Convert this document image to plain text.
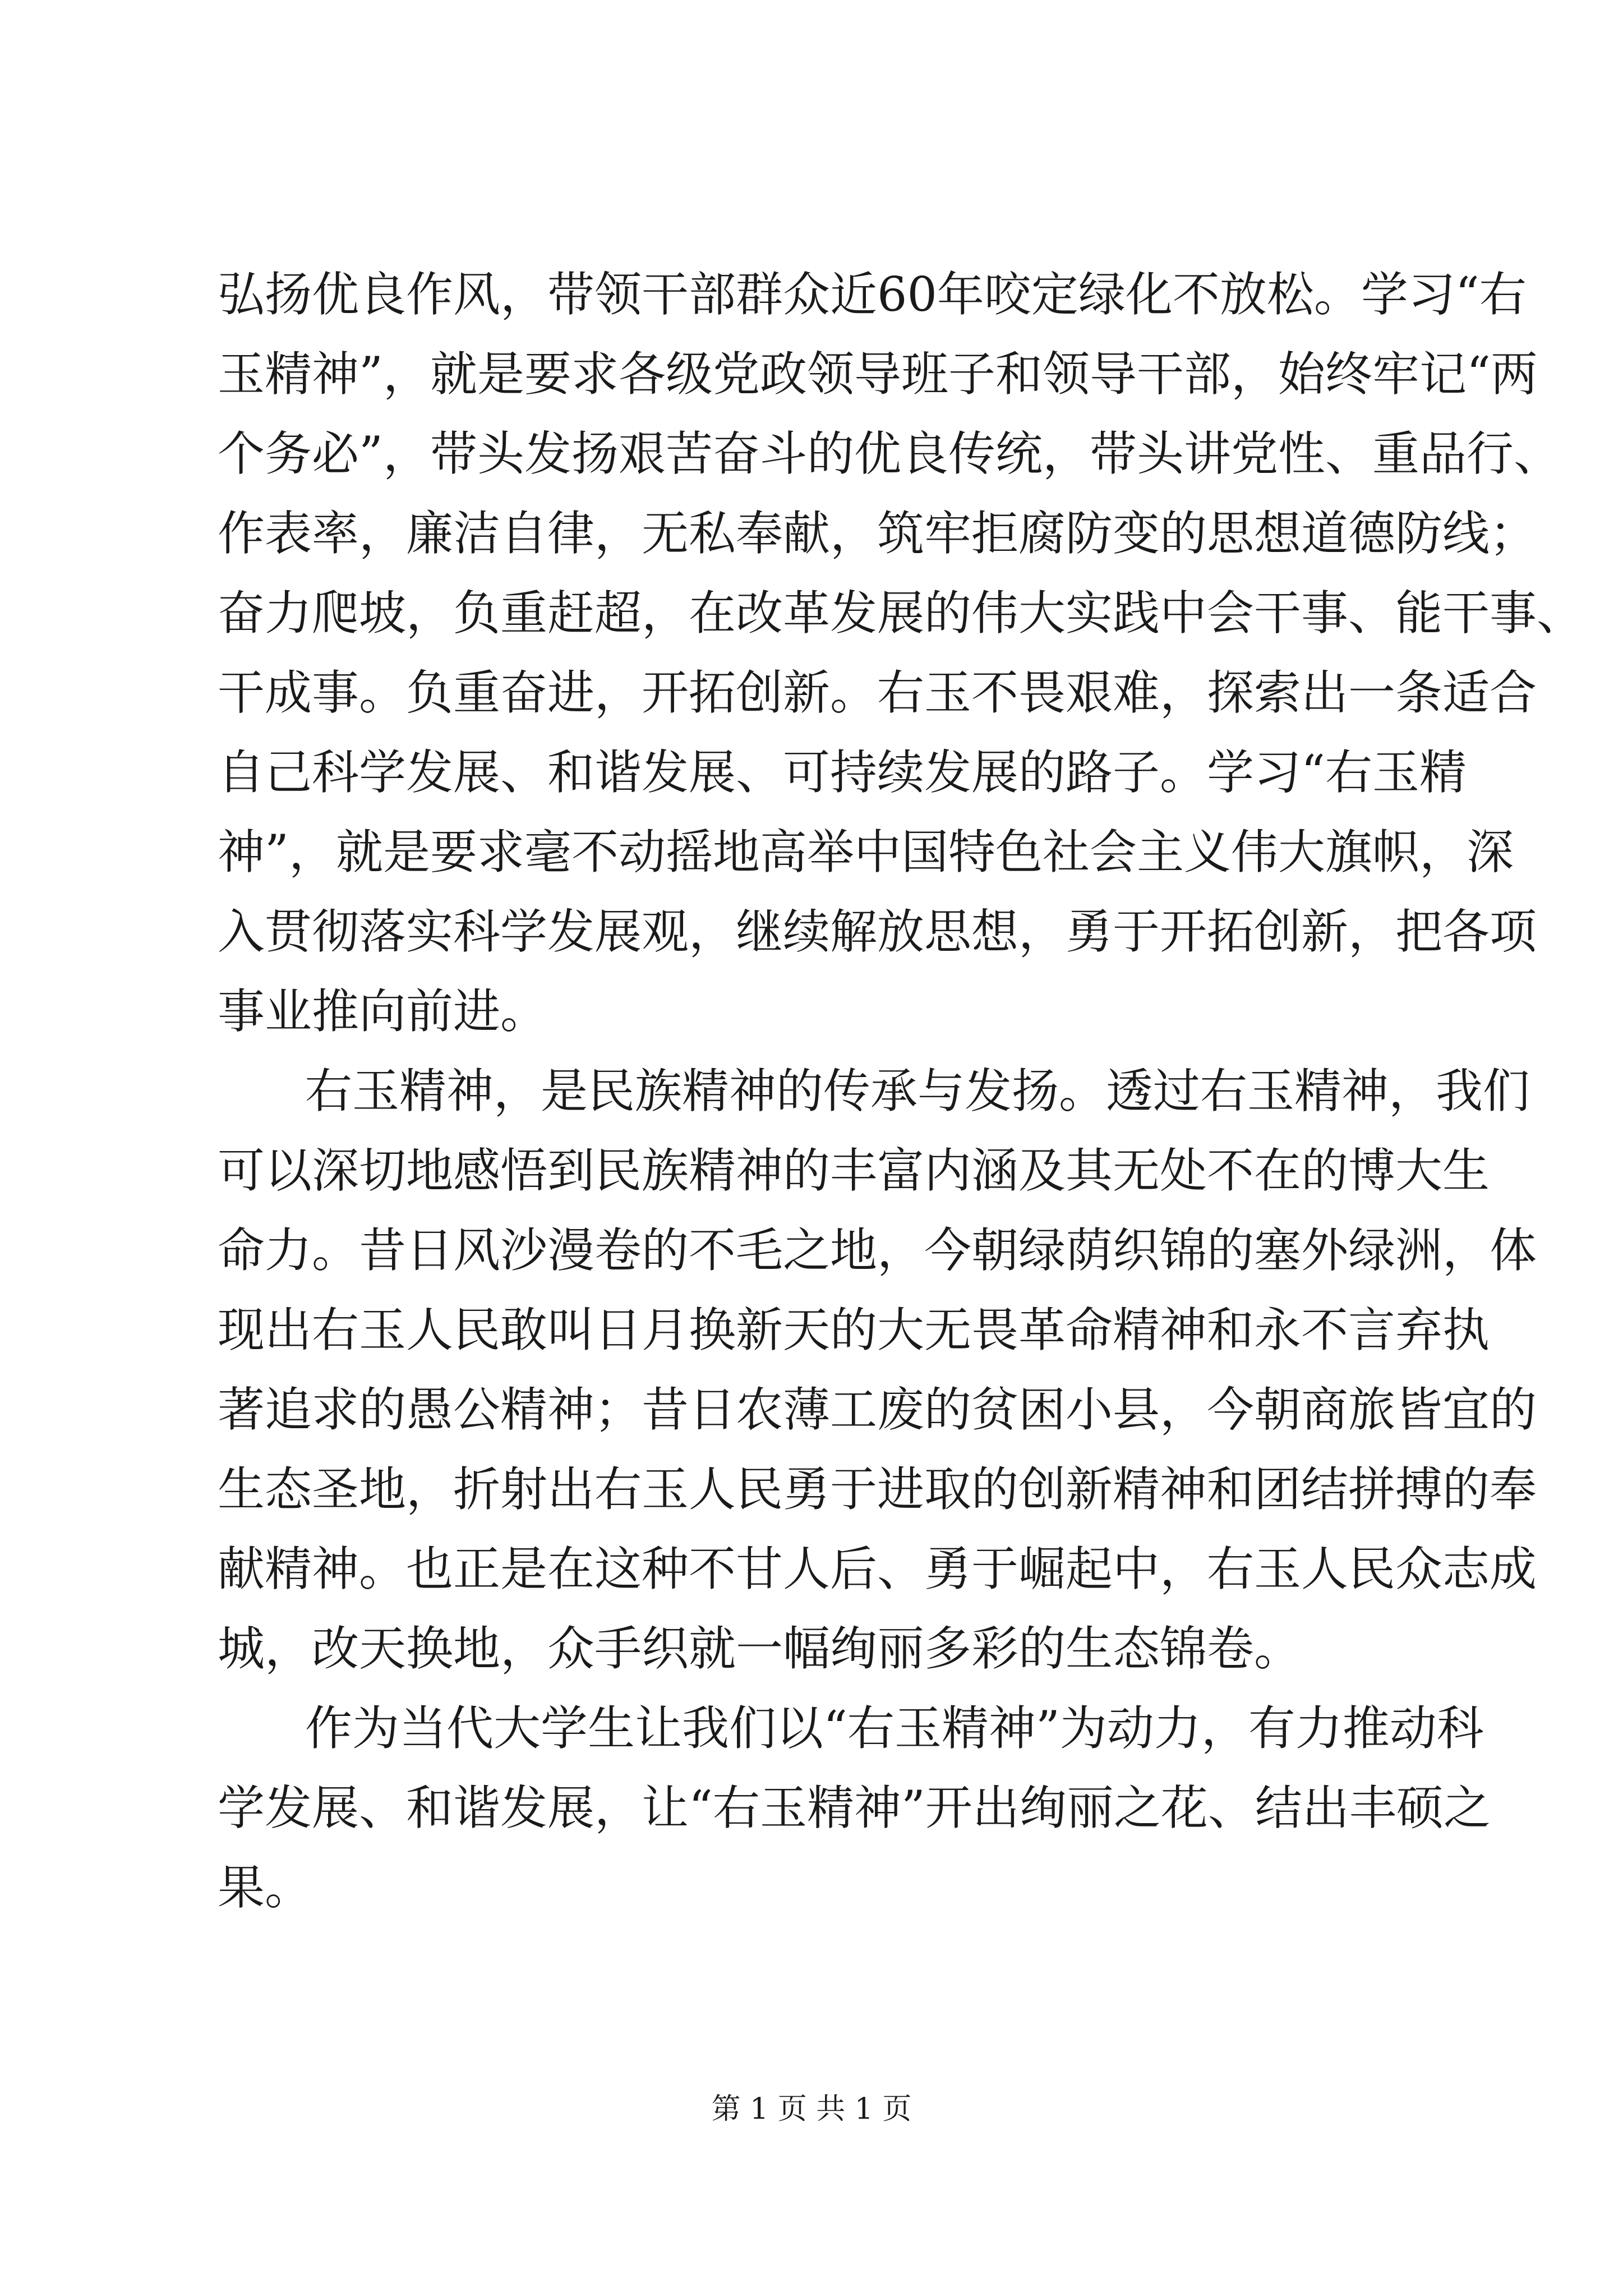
弘扬优良作风，带领干部群众近60年咬定绿化不放松。学习“右
玉精神”，就是要求各级党政领导班子和领导干部，始终牢记“两
个务必”，带头发扬艰苦奋斗的优良传统，带头讲党性、重品行、
作表率，廉洁自律，无私奉献，筑牢拒腐防变的思想道德防线；
奋力爬坡，负重赶超，在改革发展的伟大实践中会干事、能干事、
干成事。负重奋进，开拓创新。右玉不畏艰难，探索出一条适合
自己科学发展、和谐发展、可持续发展的路子。学习“右玉精
神”，就是要求毫不动摇地高举中国特色社会主义伟大旗帜，深
入贯彻落实科学发展观，继续解放思想，勇于开拓创新，把各项
事业推向前进。
右玉精神，是民族精神的传承与发扬。透过右玉精神，我们
可以深切地感悟到民族精神的丰富内涵及其无处不在的博大生
命力。昔日风沙漫卷的不毛之地，今朝绿荫织锦的塞外绿洲，体
现出右玉人民敢叫日月换新天的大无畏革命精神和永不言弃执
著追求的愚公精神；昔日农薄工废的贫困小县，今朝商旅皆宜的
生态圣地，折射出右玉人民勇于进取的创新精神和团结拼搏的奉
献精神。也正是在这种不甘人后、勇于崛起中，右玉人民众志成
城，改天换地，众手织就一幅绚丽多彩的生态锦卷。
作为当代大学生让我们以“右玉精神”为动力，有力推动科
学发展、和谐发展，让“右玉精神”开出绚丽之花、结出丰硕之
果。
第 1 页 共 1 页
